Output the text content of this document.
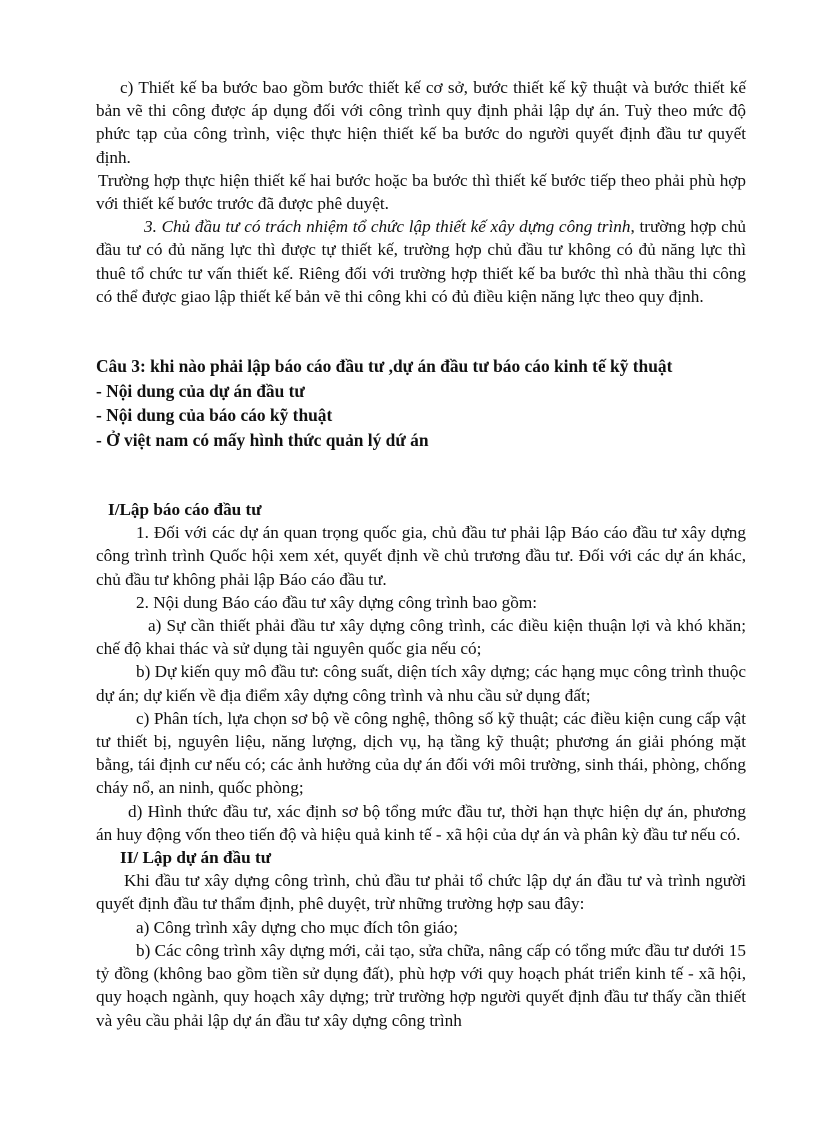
c) Thiết kế ba bước bao gồm bước thiết kế cơ sở, bước thiết kế kỹ thuật và bước thiết kế bản vẽ thi công được áp dụng đối với công trình quy định phải lập dự án. Tuỳ theo mức độ phức tạp của công trình, việc thực hiện thiết kế ba bước do người quyết định đầu tư quyết định.

Trường hợp thực hiện thiết kế hai bước hoặc ba bước thì thiết kế bước tiếp theo phải phù hợp với thiết kế bước trước đã được phê duyệt.

3. Chủ đầu tư có trách nhiệm tổ chức lập thiết kế xây dựng công trình, trường hợp chủ đầu tư có đủ năng lực thì được tự thiết kế, trường hợp chủ đầu tư không có đủ năng lực thì thuê tổ chức tư vấn thiết kế. Riêng đối với trường hợp thiết kế ba bước thì nhà thầu thi công có thể được giao lập thiết kế bản vẽ thi công khi có đủ điều kiện năng lực theo quy định.

Câu 3: khi nào phải lập báo cáo đầu tư ,dự án đầu tư báo cáo kinh tế kỹ thuật

- Nội dung của dự án đầu tư

- Nội dung của báo cáo kỹ thuật

- Ở việt nam có mấy hình thức quản lý dứ án

I/Lập báo cáo đầu tư

1. Đối với các dự án quan trọng quốc gia, chủ đầu tư phải lập Báo cáo đầu tư xây dựng công trình trình Quốc hội xem xét, quyết định về chủ trương đầu tư. Đối với các dự án khác, chủ đầu tư không phải lập Báo cáo đầu tư.

2. Nội dung Báo cáo đầu tư xây dựng công trình bao gồm:

a) Sự cần thiết phải đầu tư xây dựng công trình, các điều kiện thuận lợi và khó khăn; chế độ khai thác và sử dụng tài nguyên quốc gia nếu có;

b) Dự kiến quy mô đầu tư: công suất, diện tích xây dựng; các hạng mục công trình thuộc dự án; dự kiến về địa điểm xây dựng công trình và nhu cầu sử dụng đất;

c) Phân tích, lựa chọn sơ bộ về công nghệ, thông số kỹ thuật; các điều kiện cung cấp vật tư thiết bị, nguyên liệu, năng lượng, dịch vụ, hạ tầng kỹ thuật; phương án giải phóng mặt bằng, tái định cư nếu có; các ảnh hưởng của dự án đối với môi trường, sinh thái, phòng, chống cháy nổ, an ninh, quốc phòng;

d) Hình thức đầu tư, xác định sơ bộ tổng mức đầu tư, thời hạn thực hiện dự án, phương án huy động vốn theo tiến độ và hiệu quả kinh tế - xã hội của dự án và phân kỳ đầu tư nếu có.

II/ Lập dự án đầu tư

Khi đầu tư xây dựng công trình, chủ đầu tư phải tổ chức lập dự án đầu tư và trình người quyết định đầu tư thẩm định, phê duyệt, trừ những trường hợp sau đây:

a) Công trình xây dựng cho mục đích tôn giáo;

b) Các công trình xây dựng mới, cải tạo, sửa chữa, nâng cấp có tổng mức đầu tư dưới 15 tỷ đồng (không bao gồm tiền sử dụng đất), phù hợp với quy hoạch phát triển kinh tế - xã hội, quy hoạch ngành, quy hoạch xây dựng; trừ trường hợp người quyết định đầu tư thấy cần thiết và yêu cầu phải lập dự án đầu tư xây dựng công trình
